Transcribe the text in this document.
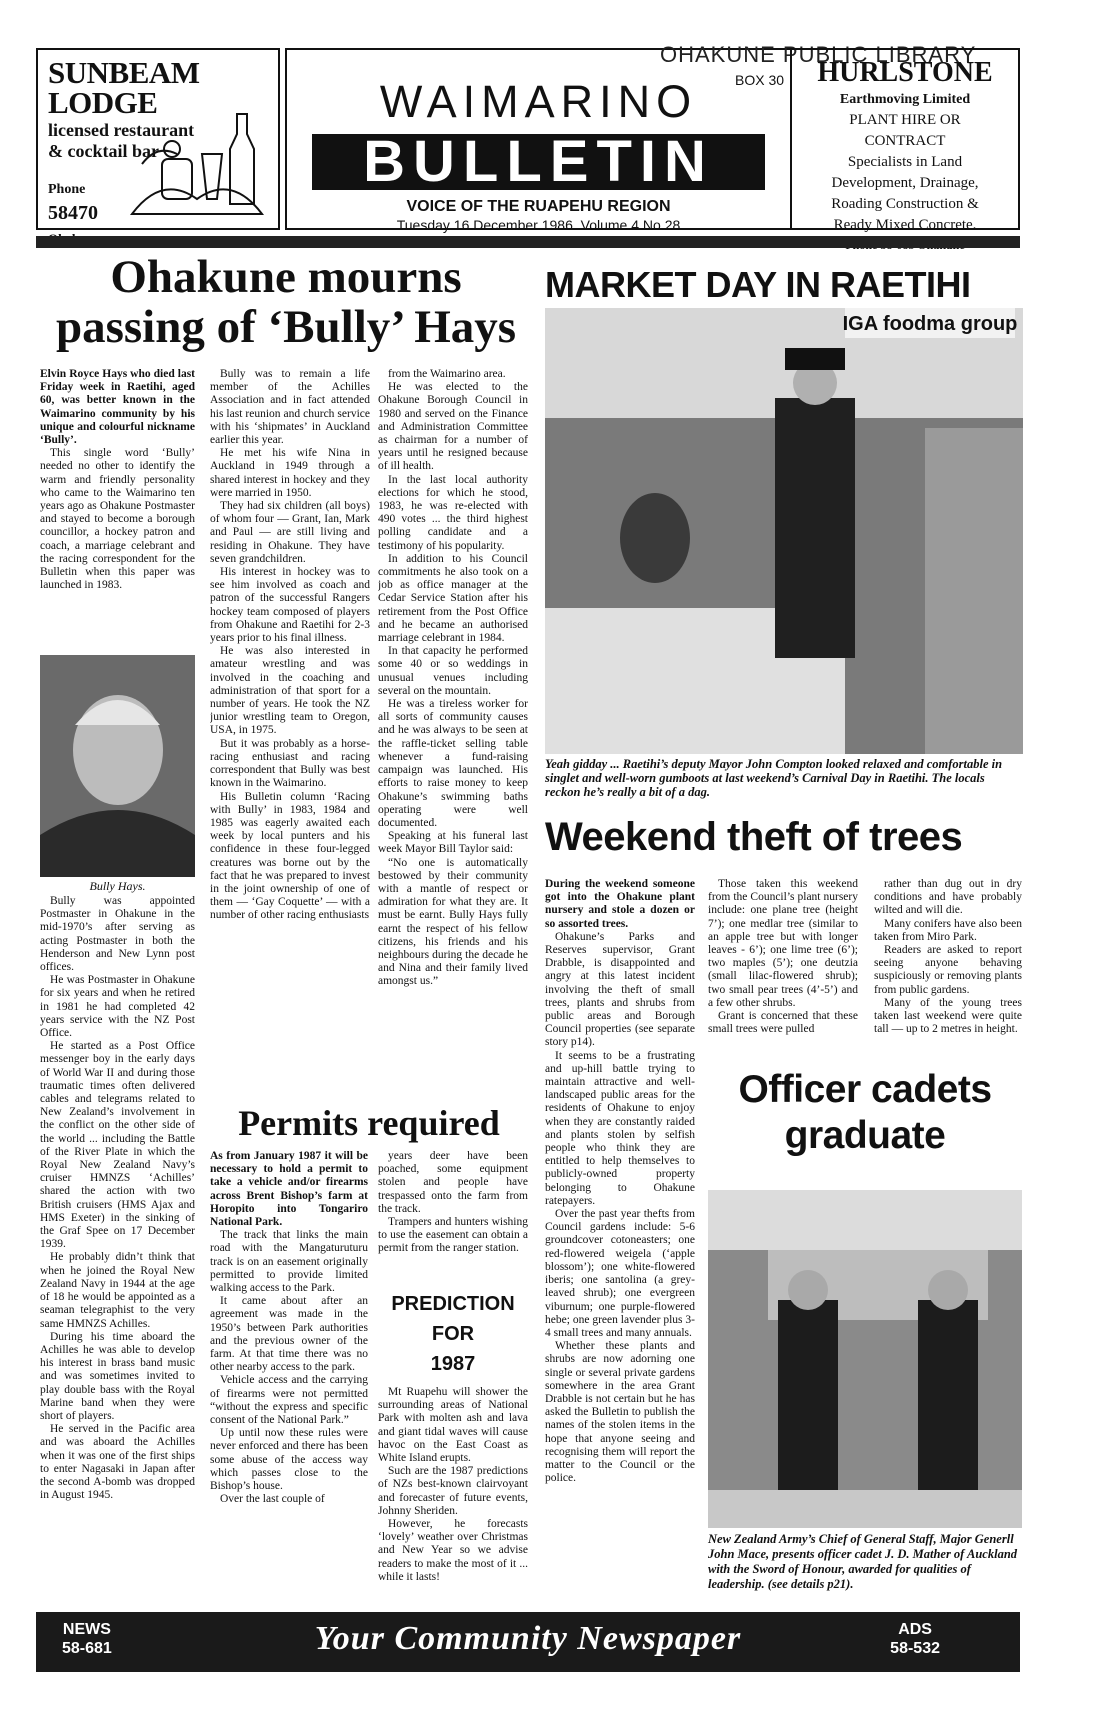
SUNBEAM
LODGE
licensed restaurant
& cocktail bar
Phone
58470
WAIMARINO
BULLETIN
VOICE OF THE RUAPEHU REGION
Tuesday 16 December 1986. Volume 4 No.28
OHAKUNE PUBLIC LIBRARY
BOX 30	HURLSTONE
Earthmoving Limited
PLANT HIRE OR
CONTRACT
Specialists in Land
Development, Drainage,
Roading Construction &
Ready Mixed Concrete.
Ohakune mourns passing of ‘Bully’ Hays

Elvin Royce Hays who died last Friday week in Raetihi, aged 60, was better known in the Waimarino community by his unique and colourful nickname ‘Bully’.

This single word ‘Bully’ needed no other to identify the warm and friendly personality who came to the Waimarino ten years ago as Ohakune Postmaster and stayed to become a borough councillor, a hockey patron and coach, a marriage celebrant and the racing correspondent for the Bulletin when this paper was launched in 1983.

Bully Hays.

Bully was appointed Postmaster in Ohakune in the mid-1970’s after serving as acting Postmaster in both the Henderson and New Lynn post offices.

He was Postmaster in Ohakune for six years and when he retired in 1981 he had completed 42 years service with the NZ Post Office.

He started as a Post Office messenger boy in the early days of World War II and during those traumatic times often delivered cables and telegrams related to New Zealand’s involvement in the conflict on the other side of the world ... including the Battle of the River Plate in which the Royal New Zealand Navy’s cruiser HMNZS ‘Achilles’ shared the action with two British cruisers (HMS Ajax and HMS Exeter) in the sinking of the Graf Spee on 17 December 1939.

He probably didn’t think that when he joined the Royal New Zealand Navy in 1944 at the age of 18 he would be appointed as a seaman telegraphist to the very same HMNZS Achilles.

During his time aboard the Achilles he was able to develop his interest in brass band music and was sometimes invited to play double bass with the Royal Marine band when they were short of players.

He served in the Pacific area and was aboard the Achilles when it was one of the first ships to enter Nagasaki in Japan after the second A-bomb was dropped in August 1945.

Bully was to remain a life member of the Achilles Association and in fact attended his last reunion and church service with his ‘shipmates’ in Auckland earlier this year.

He met his wife Nina in Auckland in 1949 through a shared interest in hockey and they were married in 1950.

They had six children (all boys) of whom four — Grant, Ian, Mark and Paul — are still living and residing in Ohakune. They have seven grandchildren.

His interest in hockey was to see him involved as coach and patron of the successful Rangers hockey team composed of players from Ohakune and Raetihi for 2-3 years prior to his final illness.

He was also interested in amateur wrestling and was involved in the coaching and administration of that sport for a number of years. He took the NZ junior wrestling team to Oregon, USA, in 1975.

But it was probably as a horse-racing enthusiast and racing correspondent that Bully was best known in the Waimarino.

His Bulletin column ‘Racing with Bully’ in 1983, 1984 and 1985 was eagerly awaited each week by local punters and his confidence in these four-legged creatures was borne out by the fact that he was prepared to invest in the joint ownership of one of them — ‘Gay Coquette’ — with a number of other racing enthusiasts

from the Waimarino area.

He was elected to the Ohakune Borough Council in 1980 and served on the Finance and Administration Committee as chairman for a number of years until he resigned because of ill health.

In the last local authority elections for which he stood, 1983, he was re-elected with 490 votes ... the third highest polling candidate and a testimony of his popularity.

In addition to his Council commitments he also took on a job as office manager at the Cedar Service Station after his retirement from the Post Office and he became an authorised marriage celebrant in 1984.

In that capacity he performed some 40 or so weddings in unusual venues including several on the mountain.

He was a tireless worker for all sorts of community causes and he was always to be seen at the raffle-ticket selling table whenever a fund-raising campaign was launched. His efforts to raise money to keep Ohakune’s swimming baths operating were well documented.

Speaking at his funeral last week Mayor Bill Taylor said:

“No one is automatically bestowed by their community with a mantle of respect or admiration for what they are. It must be earnt. Bully Hays fully earnt the respect of his fellow citizens, his friends and his neighbours during the decade he and Nina and their family lived amongst us.”

Permits required

As from January 1987 it will be necessary to hold a permit to take a vehicle and/or firearms across Brent Bishop’s farm at Horopito into Tongariro National Park.

The track that links the main road with the Mangaturuturu track is on an easement originally permitted to provide limited walking access to the Park.

It came about after an agreement was made in the 1950’s between Park authorities and the previous owner of the farm. At that time there was no other nearby access to the park.

Vehicle access and the carrying of firearms were not permitted “without the express and specific consent of the National Park.”

Up until now these rules were never enforced and there has been some abuse of the access way which passes close to the Bishop’s house.

Over the last couple of

years deer have been poached, some equipment stolen and people have trespassed onto the farm from the track.

Trampers and hunters wishing to use the easement can obtain a permit from the ranger station.

PREDICTION
FOR
1987

Mt Ruapehu will shower the surrounding areas of National Park with molten ash and lava and giant tidal waves will cause havoc on the East Coast as White Island erupts.

Such are the 1987 predictions of NZs best-known clairvoyant and forecaster of future events, Johnny Sheriden.

However, he forecasts ‘lovely’ weather over Christmas and New Year so we advise readers to make the most of it ... while it lasts!

MARKET DAY IN RAETIHI
IGA foodma group
Yeah gidday ... Raetihi’s deputy Mayor John Compton looked relaxed and comfortable in singlet and well-worn gumboots at last weekend’s Carnival Day in Raetihi. The locals reckon he’s really a bit of a dag.
Weekend theft of trees

During the weekend someone got into the Ohakune plant nursery and stole a dozen or so assorted trees.

Ohakune’s Parks and Reserves supervisor, Grant Drabble, is disappointed and angry at this latest incident involving the theft of small trees, plants and shrubs from public areas and Borough Council properties (see separate story p14).

It seems to be a frustrating and up-hill battle trying to maintain attractive and well-landscaped public areas for the residents of Ohakune to enjoy when they are constantly raided and plants stolen by selfish people who think they are entitled to help themselves to publicly-owned property belonging to Ohakune ratepayers.

Over the past year thefts from Council gardens include: 5-6 groundcover cotoneasters; one red-flowered weigela (‘apple blossom’); one white-flowered iberis; one santolina (a grey-leaved shrub); one evergreen viburnum; one purple-flowered hebe; one green lavender plus 3-4 small trees and many annuals.

Whether these plants and shrubs are now adorning one single or several private gardens somewhere in the area Grant Drabble is not certain but he has asked the Bulletin to publish the names of the stolen items in the hope that anyone seeing and recognising them will report the matter to the Council or the police.

Those taken this weekend from the Council’s plant nursery include: one plane tree (height 7’); one medlar tree (similar to an apple tree but with longer leaves - 6’); one lime tree (6’); two maples (5’); one deutzia (small lilac-flowered shrub); two small pear trees (4’-5’) and a few other shrubs.

Grant is concerned that these small trees were pulled

rather than dug out in dry conditions and have probably wilted and will die.

Many conifers have also been taken from Miro Park.

Readers are asked to report seeing anyone behaving suspiciously or removing plants from public gardens.

Many of the young trees taken last weekend were quite tall — up to 2 metres in height.

Officer cadets graduate
New Zealand Army’s Chief of General Staff, Major Generll John Mace, presents officer cadet J. D. Mather of Auckland with the Sword of Honour, awarded for qualities of leadership. (see details p21).
NEWS
58-681	Your Community Newspaper	ADS
58-532
